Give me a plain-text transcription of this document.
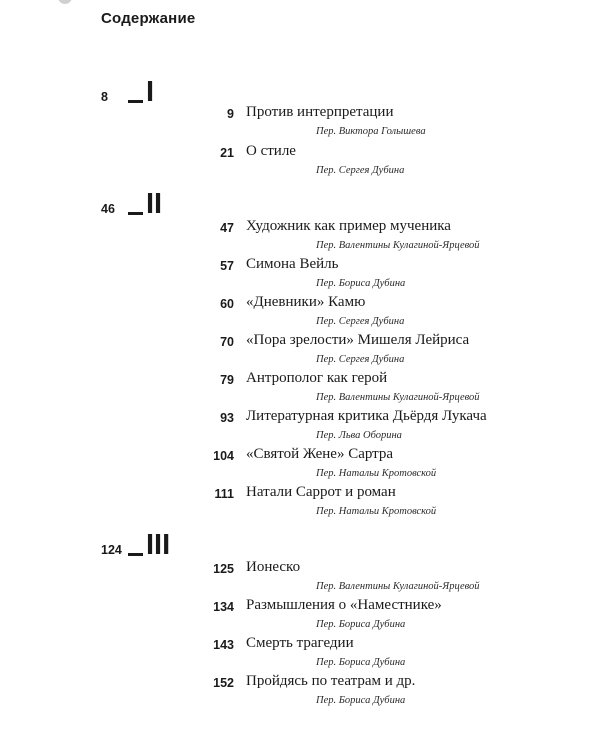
Содержание
8	I
9 Против интерпретации
Пер. Виктора Голышева
21 О стиле
Пер. Сергея Дубина
46	II
47 Художник как пример мученика
Пер. Валентины Кулагиной-Ярцевой
57 Симона Вейль
Пер. Бориса Дубина
60 «Дневники» Камю
Пер. Сергея Дубина
70 «Пора зрелости» Мишеля Лейриса
Пер. Сергея Дубина
79 Антрополог как герой
Пер. Валентины Кулагиной-Ярцевой
93 Литературная критика Дьёрдя Лукача
Пер. Льва Оборина
104 «Святой Жене» Сартра
Пер. Натальи Кротовской
111 Натали Саррот и роман
Пер. Натальи Кротовской
124 III
125 Ионеско
Пер. Валентины Кулагиной-Ярцевой
134 Размышления о «Наместнике»
Пер. Бориса Дубина
143 Смерть трагедии
Пер. Бориса Дубина
152 Пройдясь по театрам и др.
Пер. Бориса Дубина
